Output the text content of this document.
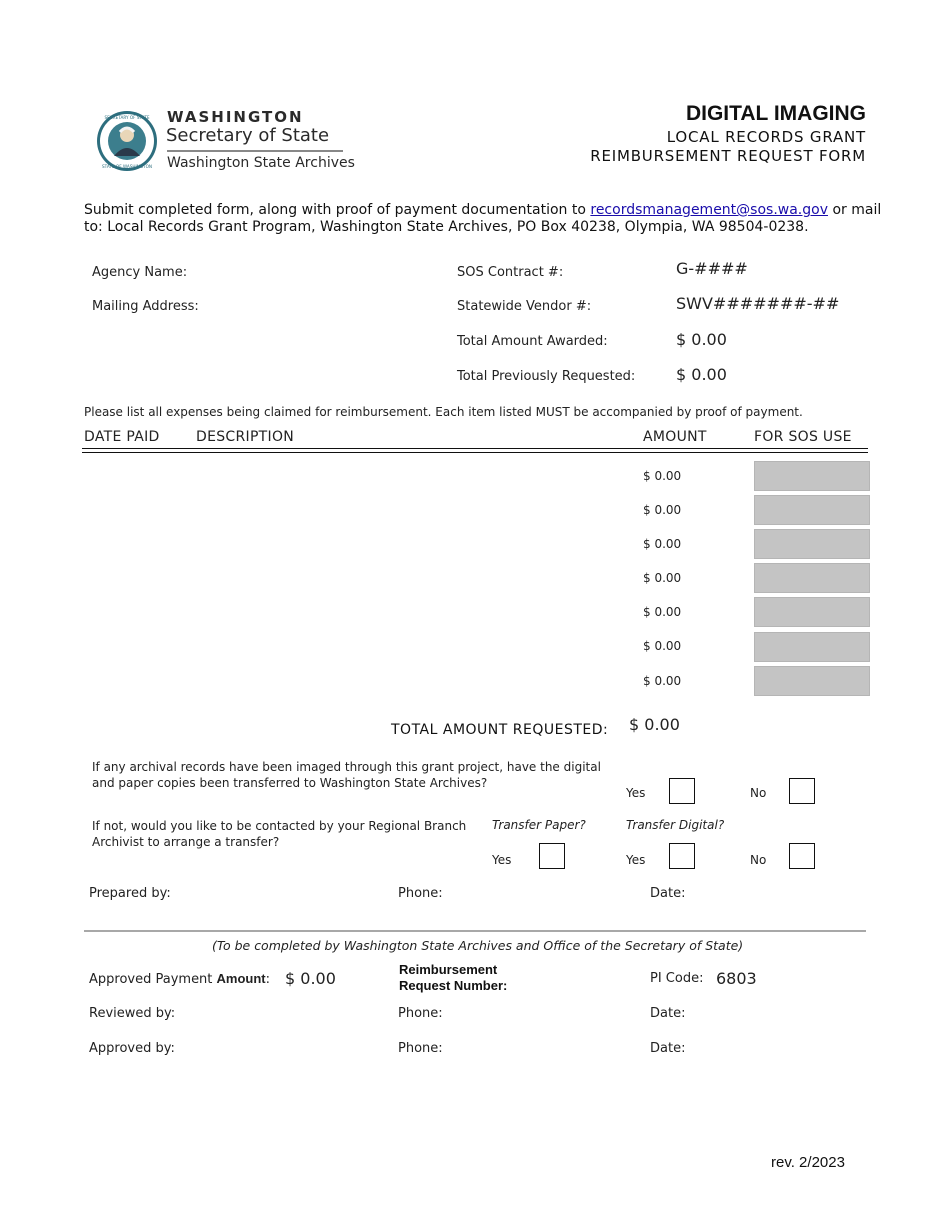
SECRETARY OF STATE
STATE OF WASHINGTON
WASHINGTON
Secretary of State
Washington State Archives
DIGITAL IMAGING
LOCAL RECORDS GRANT
REIMBURSEMENT REQUEST FORM
Submit completed form, along with proof of payment documentation to recordsmanagement@sos.wa.gov or mail
to: Local Records Grant Program, Washington State Archives, PO Box 40238, Olympia, WA 98504-0238.
Agency Name:
Mailing Address:
SOS Contract #:	G-####
Statewide Vendor #:	SWV#######-##
Total Amount Awarded:	$ 0.00
Total Previously Requested:	$ 0.00
Please list all expenses being claimed for reimbursement. Each item listed MUST be accompanied by proof of payment.
DATE PAID	DESCRIPTION	AMOUNT	FOR SOS USE
$ 0.00
$ 0.00
$ 0.00
$ 0.00
$ 0.00
$ 0.00
$ 0.00
TOTAL AMOUNT REQUESTED: $ 0.00
If any archival records have been imaged through this grant project, have the digital
and paper copies been transferred to Washington State Archives?
Yes	No
If not, would you like to be contacted by your Regional Branch
Archivist to arrange a transfer?
Transfer Paper?	Transfer Digital?
Yes	Yes	No
Prepared by:	Phone:	Date:
(To be completed by Washington State Archives and Office of the Secretary of State)
Approved Payment Amount: $ 0.00	Reimbursement
Request Number:	PI Code: 6803
Reviewed by:	Phone:	Date:
Approved by:	Phone:	Date:
rev. 2/2023
